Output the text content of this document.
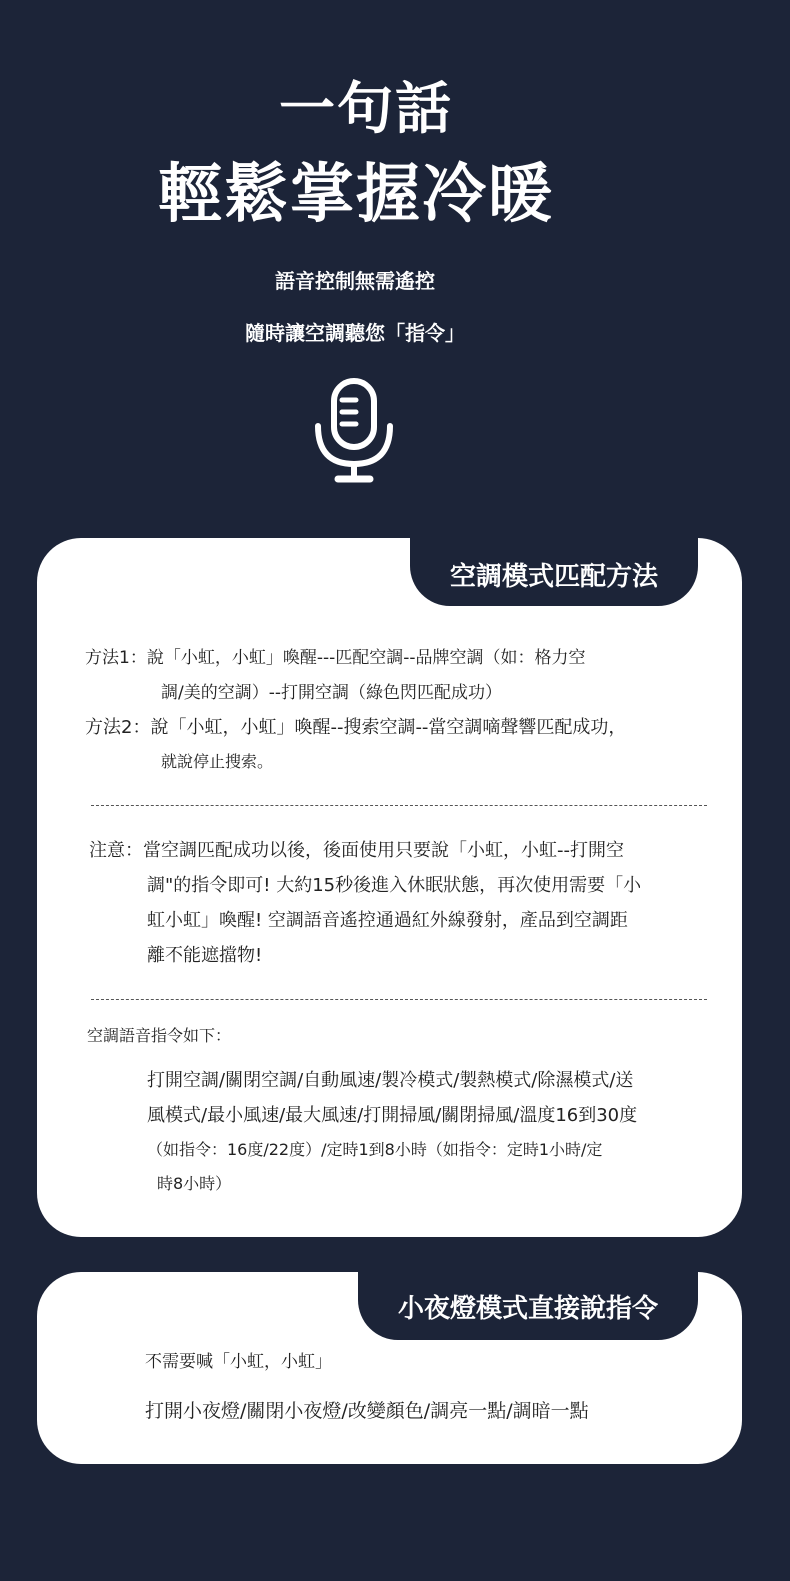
一句話
輕鬆掌握冷暖
語音控制無需遙控
隨時讓空調聽您「指令」
空調模式匹配方法
方法1：說「小虹，小虹」喚醒---匹配空調--品牌空調（如：格力空
調/美的空調）--打開空調（綠色閃匹配成功）
方法2：說「小虹，小虹」喚醒--搜索空調--當空調嘀聲響匹配成功，
就說停止搜索。
注意：當空調匹配成功以後，後面使用只要說「小虹，小虹--打開空
調"的指令即可! 大約15秒後進入休眠狀態，再次使用需要「小
虹小虹」喚醒! 空調語音遙控通過紅外線發射，產品到空調距
離不能遮擋物!
空調語音指令如下：
打開空調/關閉空調/自動風速/製冷模式/製熱模式/除濕模式/送
風模式/最小風速/最大風速/打開掃風/關閉掃風/溫度16到30度
（如指令：16度/22度）/定時1到8小時（如指令：定時1小時/定
時8小時）
小夜燈模式直接說指令
不需要喊「小虹，小虹」
打開小夜燈/關閉小夜燈/改變顏色/調亮一點/調暗一點
